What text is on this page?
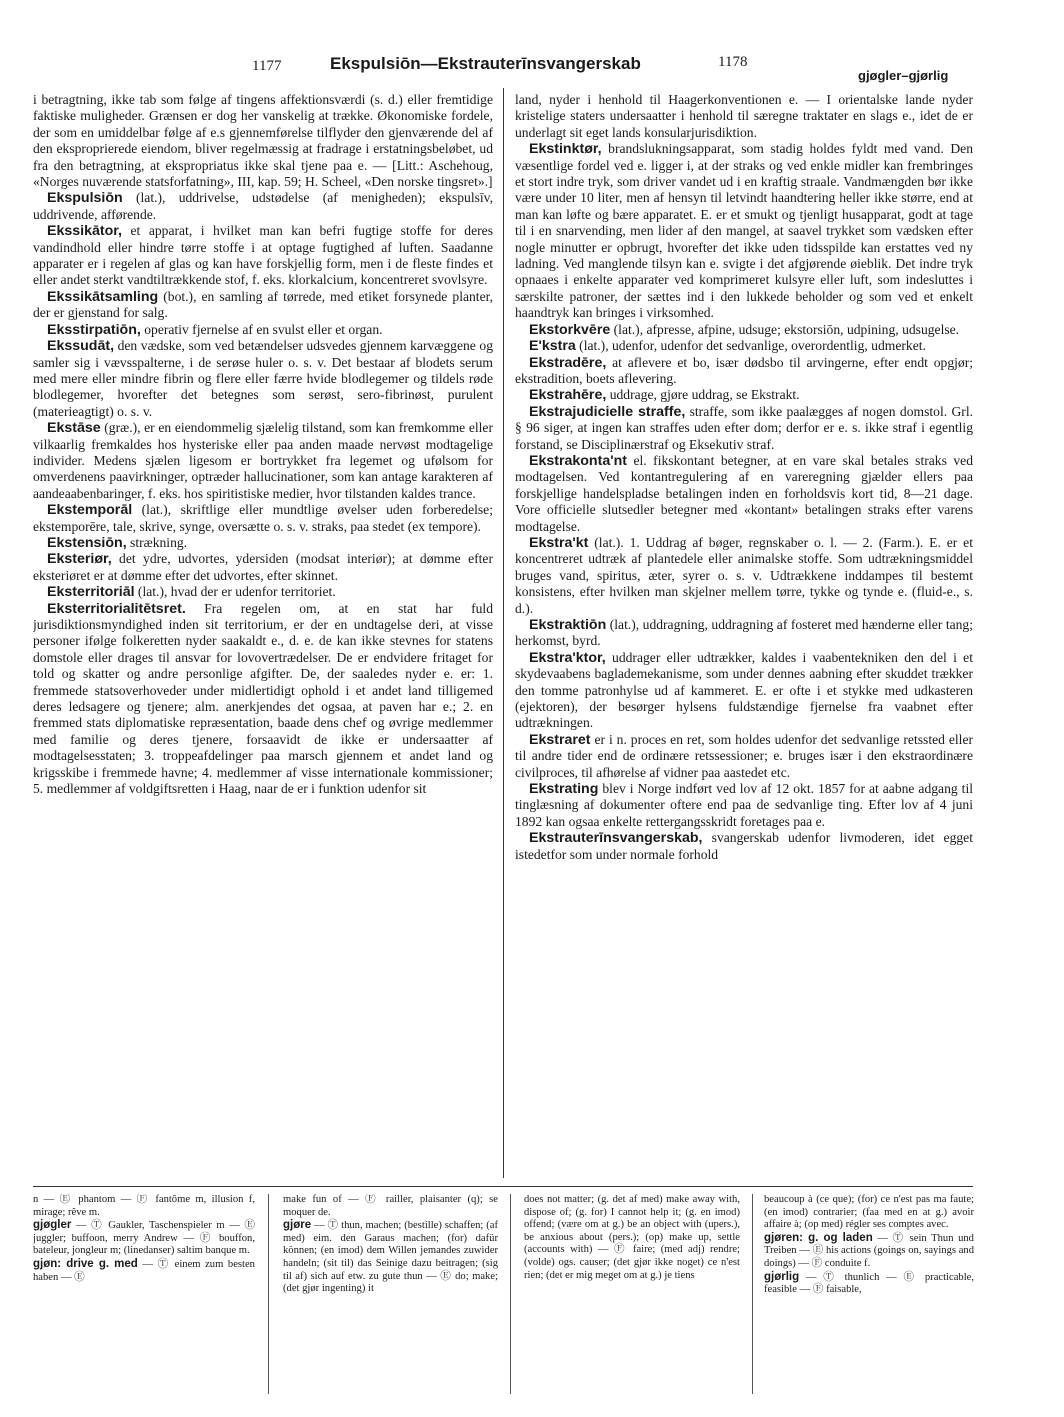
1177	Ekspulsiōn—Ekstrauterīnsvangerskab	1178
gjøgler–gjørlig

i betragtning, ikke tab som følge af tingens affektionsværdi (s. d.) eller fremtidige faktiske muligheder. Grænsen er dog her vanskelig at trække. Økonomiske fordele, der som en umiddelbar følge af e.s gjennemførelse tilflyder den gjenværende del af den eksproprierede eiendom, bliver regelmæssig at fradrage i erstatningsbeløbet, ud fra den betragtning, at ekspropriatus ikke skal tjene paa e. — [Litt.: Aschehoug, «Norges nuværende statsforfatning», III, kap. 59; H. Scheel, «Den norske tingsret».]

Ekspulsiōn (lat.), uddrivelse, udstødelse (af menigheden); ekspulsīv, uddrivende, afførende.

Ekssikātor, et apparat, i hvilket man kan befri fugtige stoffe for deres vandindhold eller hindre tørre stoffe i at optage fugtighed af luften. Saadanne apparater er i regelen af glas og kan have forskjellig form, men i de fleste findes et eller andet sterkt vandtiltrækkende stof, f. eks. klorkalcium, koncentreret svovlsyre.

Ekssikātsamling (bot.), en samling af tørrede, med etiket forsynede planter, der er gjenstand for salg.

Eksstirpatiōn, operativ fjernelse af en svulst eller et organ.

Ekssudāt, den vædske, som ved betændelser udsvedes gjennem karvæggene og samler sig i vævsspalterne, i de serøse huler o. s. v. Det bestaar af blodets serum med mere eller mindre fibrin og flere eller færre hvide blodlegemer og tildels røde blodlegemer, hvorefter det betegnes som serøst, sero-fibrinøst, purulent (materieagtigt) o. s. v.

Ekstāse (græ.), er en eiendommelig sjælelig tilstand, som kan fremkomme eller vilkaarlig fremkaldes hos hysteriske eller paa anden maade nervøst modtagelige individer. Medens sjælen ligesom er bortrykket fra legemet og ufølsom for omverdenens paavirkninger, optræder hallucinationer, som kan antage karakteren af aandeaabenbaringer, f. eks. hos spiritistiske medier, hvor tilstanden kaldes trance.

Ekstemporāl (lat.), skriftlige eller mundtlige øvelser uden forberedelse; ekstemporēre, tale, skrive, synge, oversætte o. s. v. straks, paa stedet (ex tempore).

Ekstensiōn, strækning.

Eksteriør, det ydre, udvortes, ydersiden (modsat interiør); at dømme efter eksteriøret er at dømme efter det udvortes, efter skinnet.

Eksterritoriāl (lat.), hvad der er udenfor territoriet.

Eksterritorialitētsret. Fra regelen om, at en stat har fuld jurisdiktionsmyndighed inden sit territorium, er der en undtagelse deri, at visse personer ifølge folkeretten nyder saakaldt e., d. e. de kan ikke stevnes for statens domstole eller drages til ansvar for lovovertrædelser. De er endvidere fritaget for told og skatter og andre personlige afgifter. De, der saaledes nyder e. er: 1. fremmede statsoverhoveder under midlertidigt ophold i et andet land tilligemed deres ledsagere og tjenere; alm. anerkjendes det ogsaa, at paven har e.; 2. en fremmed stats diplomatiske repræsentation, baade dens chef og øvrige medlemmer med familie og deres tjenere, forsaavidt de ikke er undersaatter af modtagelsesstaten; 3. troppeafdelinger paa marsch gjennem et andet land og krigsskibe i fremmede havne; 4. medlemmer af visse internationale kommissioner; 5. medlemmer af voldgiftsretten i Haag, naar de er i funktion udenfor sit

land, nyder i henhold til Haagerkonventionen e. — I orientalske lande nyder kristelige staters undersaatter i henhold til særegne traktater en slags e., idet de er underlagt sit eget lands konsularjurisdiktion.

Ekstinktør, brandslukningsapparat, som stadig holdes fyldt med vand. Den væsentlige fordel ved e. ligger i, at der straks og ved enkle midler kan frembringes et stort indre tryk, som driver vandet ud i en kraftig straale. Vandmængden bør ikke være under 10 liter, men af hensyn til letvindt haandtering heller ikke større, end at man kan løfte og bære apparatet. E. er et smukt og tjenligt husapparat, godt at tage til i en snarvending, men lider af den mangel, at saavel trykket som vædsken efter nogle minutter er opbrugt, hvorefter det ikke uden tidsspilde kan erstattes ved ny ladning. Ved manglende tilsyn kan e. svigte i det afgjørende øieblik. Det indre tryk opnaaes i enkelte apparater ved komprimeret kulsyre eller luft, som indesluttes i særskilte patroner, der sættes ind i den lukkede beholder og som ved et enkelt haandtryk kan bringes i virksomhed.

Ekstorkvēre (lat.), afpresse, afpine, udsuge; ekstorsiōn, udpining, udsugelse.

E'kstra (lat.), udenfor, udenfor det sedvanlige, overordentlig, udmerket.

Ekstradēre, at aflevere et bo, især dødsbo til arvingerne, efter endt opgjør; ekstradition, boets aflevering.

Ekstrahēre, uddrage, gjøre uddrag, se Ekstrakt.

Ekstrajudicielle straffe, straffe, som ikke paalægges af nogen domstol. Grl. § 96 siger, at ingen kan straffes uden efter dom; derfor er e. s. ikke straf i egentlig forstand, se Disciplinærstraf og Eksekutiv straf.

Ekstrakonta'nt el. fikskontant betegner, at en vare skal betales straks ved modtagelsen. Ved kontantregulering af en vareregning gjælder ellers paa forskjellige handelspladse betalingen inden en forholdsvis kort tid, 8—21 dage. Vore officielle slutsedler betegner med «kontant» betalingen straks efter varens modtagelse.

Ekstra'kt (lat.). 1. Uddrag af bøger, regnskaber o. l. — 2. (Farm.). E. er et koncentreret udtræk af plantedele eller animalske stoffe. Som udtrækningsmiddel bruges vand, spiritus, æter, syrer o. s. v. Udtrækkene inddampes til bestemt konsistens, efter hvilken man skjelner mellem tørre, tykke og tynde e. (fluid-e., s. d.).

Ekstraktiōn (lat.), uddragning, uddragning af fosteret med hænderne eller tang; herkomst, byrd.

Ekstra'ktor, uddrager eller udtrækker, kaldes i vaabentekniken den del i et skydevaabens baglademekanisme, som under dennes aabning efter skuddet trækker den tomme patronhylse ud af kammeret. E. er ofte i et stykke med udkasteren (ejektoren), der besørger hylsens fuldstændige fjernelse fra vaabnet efter udtrækningen.

Ekstraret er i n. proces en ret, som holdes udenfor det sedvanlige retssted eller til andre tider end de ordinære retssessioner; e. bruges især i den ekstraordinære civilproces, til afhørelse af vidner paa aastedet etc.

Ekstrating blev i Norge indført ved lov af 12 okt. 1857 for at aabne adgang til tinglæsning af dokumenter oftere end paa de sedvanlige ting. Efter lov af 4 juni 1892 kan ogsaa enkelte rettergangsskridt foretages paa e.

Ekstrauterīnsvangerskab, svangerskab udenfor livmoderen, idet egget istedetfor som under normale forhold

n — Ⓔ phantom — Ⓕ fantôme m, illusion f, mirage; rêve m.
gjøgler — Ⓣ Gaukler, Taschenspieler m — Ⓔ juggler; buffoon, merry Andrew — Ⓕ bouffon, bateleur, jongleur m; (linedanser) saltim banque m.
gjøn: drive g. med — Ⓣ einem zum besten haben — Ⓔ
make fun of — Ⓕ railler, plaisanter (q); se moquer de.
gjøre — Ⓣ thun, machen; (bestille) schaffen; (af med) eim. den Garaus machen; (for) dafür können; (en imod) dem Willen jemandes zuwider handeln; (sit til) das Seinige dazu beitragen; (sig til af) sich auf etw. zu gute thun — Ⓔ do; make; (det gjør ingenting) it
does not matter; (g. det af med) make away with, dispose of; (g. for) I cannot help it; (g. en imod) offend; (være om at g.) be an object with (upers.), be anxious about (pers.); (op) make up, settle (accounts with) — Ⓕ faire; (med adj) rendre; (volde) ogs. causer; (det gjør ikke noget) ce n'est rien; (det er mig meget om at g.) je tiens
beaucoup à (ce que); (for) ce n'est pas ma faute; (en imod) contrarier; (faa med en at g.) avoir affaire à; (op med) régler ses comptes avec.
gjøren: g. og laden — Ⓣ sein Thun und Treiben — Ⓔ his actions (goings on, sayings and doings) — Ⓕ conduite f.
gjørlig — Ⓣ thunlich — Ⓔ practicable, feasible — Ⓕ faisable,
